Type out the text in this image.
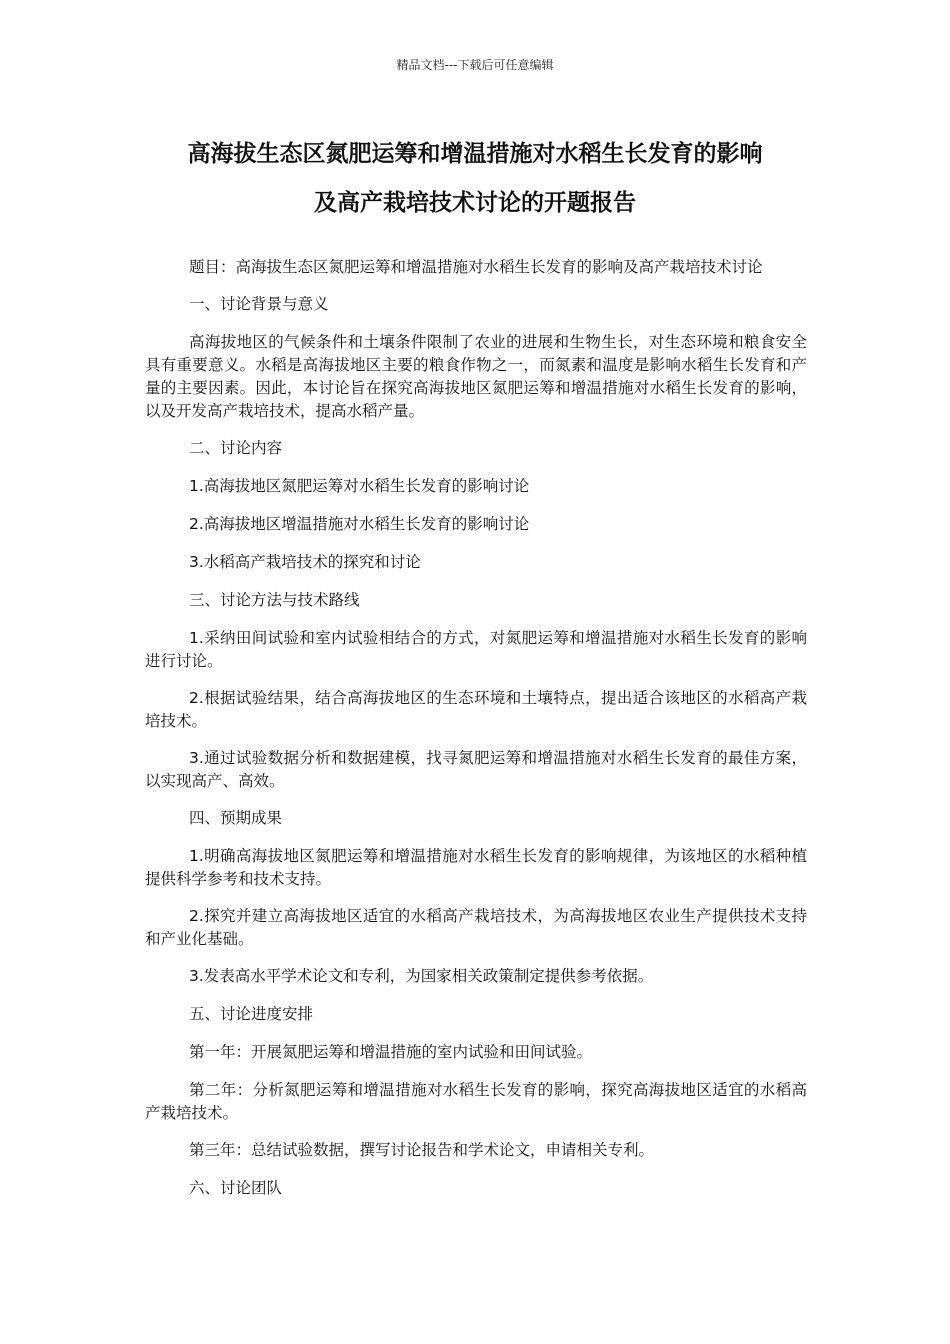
精品文档---下载后可任意编辑
高海拔生态区氮肥运筹和增温措施对水稻生长发育的影响
及高产栽培技术讨论的开题报告

题目：高海拔生态区氮肥运筹和增温措施对水稻生长发育的影响及高产栽培技术讨论

一、讨论背景与意义

高海拔地区的气候条件和土壤条件限制了农业的进展和生物生长，对生态环境和粮食安全具有重要意义。水稻是高海拔地区主要的粮食作物之一，而氮素和温度是影响水稻生长发育和产量的主要因素。因此，本讨论旨在探究高海拔地区氮肥运筹和增温措施对水稻生长发育的影响，以及开发高产栽培技术，提高水稻产量。

二、讨论内容

1.高海拔地区氮肥运筹对水稻生长发育的影响讨论

2.高海拔地区增温措施对水稻生长发育的影响讨论

3.水稻高产栽培技术的探究和讨论

三、讨论方法与技术路线

1.采纳田间试验和室内试验相结合的方式，对氮肥运筹和增温措施对水稻生长发育的影响进行讨论。

2.根据试验结果，结合高海拔地区的生态环境和土壤特点，提出适合该地区的水稻高产栽培技术。

3.通过试验数据分析和数据建模，找寻氮肥运筹和增温措施对水稻生长发育的最佳方案，以实现高产、高效。

四、预期成果

1.明确高海拔地区氮肥运筹和增温措施对水稻生长发育的影响规律，为该地区的水稻种植提供科学参考和技术支持。

2.探究并建立高海拔地区适宜的水稻高产栽培技术，为高海拔地区农业生产提供技术支持和产业化基础。

3.发表高水平学术论文和专利，为国家相关政策制定提供参考依据。

五、讨论进度安排

第一年：开展氮肥运筹和增温措施的室内试验和田间试验。

第二年：分析氮肥运筹和增温措施对水稻生长发育的影响，探究高海拔地区适宜的水稻高产栽培技术。

第三年：总结试验数据，撰写讨论报告和学术论文，申请相关专利。

六、讨论团队
